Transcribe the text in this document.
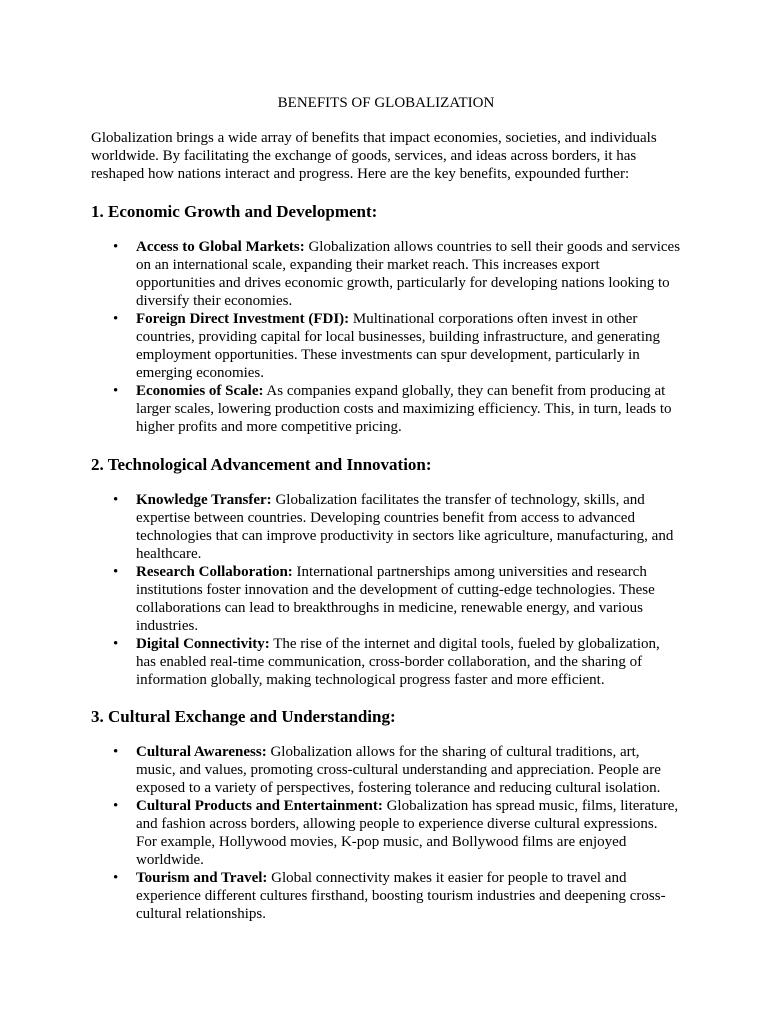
BENEFITS OF GLOBALIZATION

Globalization brings a wide array of benefits that impact economies, societies, and individuals worldwide. By facilitating the exchange of goods, services, and ideas across borders, it has reshaped how nations interact and progress. Here are the key benefits, expounded further:

1. Economic Growth and Development:
• Access to Global Markets: Globalization allows countries to sell their goods and services on an international scale, expanding their market reach. This increases export opportunities and drives economic growth, particularly for developing nations looking to diversify their economies.
• Foreign Direct Investment (FDI): Multinational corporations often invest in other countries, providing capital for local businesses, building infrastructure, and generating employment opportunities. These investments can spur development, particularly in emerging economies.
• Economies of Scale: As companies expand globally, they can benefit from producing at larger scales, lowering production costs and maximizing efficiency. This, in turn, leads to higher profits and more competitive pricing.
2. Technological Advancement and Innovation:
• Knowledge Transfer: Globalization facilitates the transfer of technology, skills, and expertise between countries. Developing countries benefit from access to advanced technologies that can improve productivity in sectors like agriculture, manufacturing, and healthcare.
• Research Collaboration: International partnerships among universities and research institutions foster innovation and the development of cutting-edge technologies. These collaborations can lead to breakthroughs in medicine, renewable energy, and various industries.
• Digital Connectivity: The rise of the internet and digital tools, fueled by globalization, has enabled real-time communication, cross-border collaboration, and the sharing of information globally, making technological progress faster and more efficient.
3. Cultural Exchange and Understanding:
• Cultural Awareness: Globalization allows for the sharing of cultural traditions, art, music, and values, promoting cross-cultural understanding and appreciation. People are exposed to a variety of perspectives, fostering tolerance and reducing cultural isolation.
• Cultural Products and Entertainment: Globalization has spread music, films, literature, and fashion across borders, allowing people to experience diverse cultural expressions. For example, Hollywood movies, K-pop music, and Bollywood films are enjoyed worldwide.
• Tourism and Travel: Global connectivity makes it easier for people to travel and experience different cultures firsthand, boosting tourism industries and deepening cross-cultural relationships.
